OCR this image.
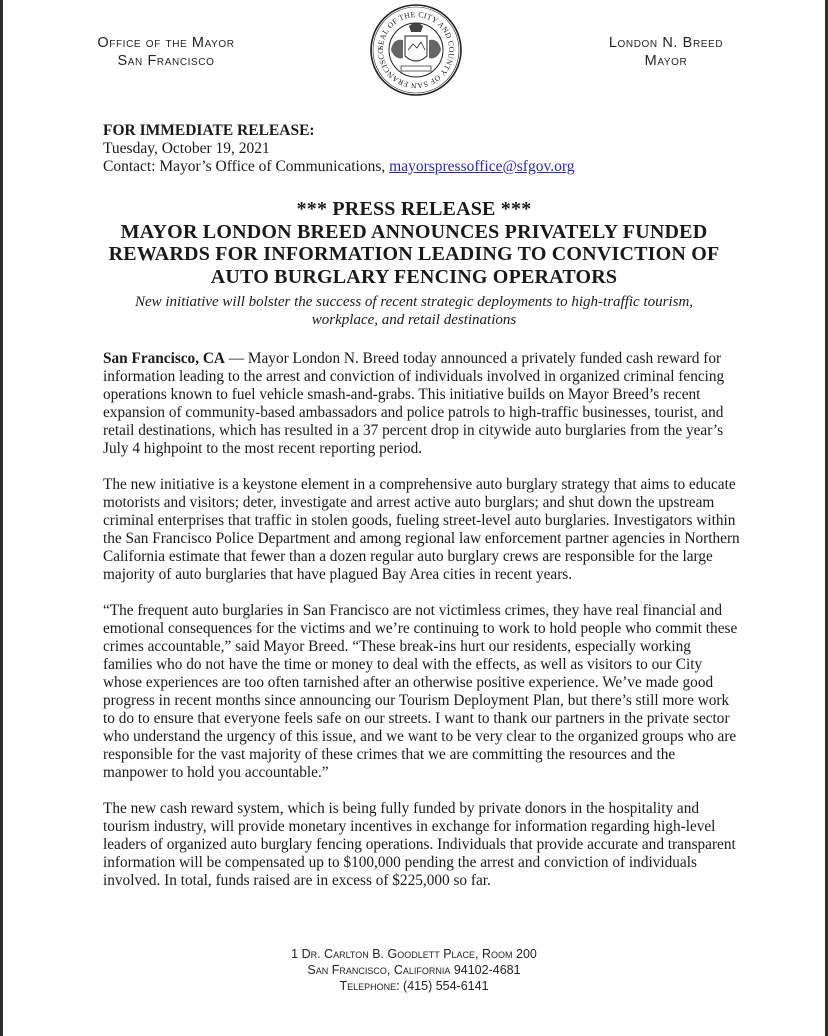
Office of the Mayor
San Francisco
SEAL OF THE CITY AND COUNTY OF SAN FRANCISCO	London N. Breed
Mayor
FOR IMMEDIATE RELEASE:
Tuesday, October 19, 2021
Contact: Mayor’s Office of Communications, mayorspressoffice@sfgov.org
*** PRESS RELEASE ***
MAYOR LONDON BREED ANNOUNCES PRIVATELY FUNDED REWARDS FOR INFORMATION LEADING TO CONVICTION OF AUTO BURGLARY FENCING OPERATORS
New initiative will bolster the success of recent strategic deployments to high-traffic tourism, workplace, and retail destinations

San Francisco, CA — Mayor London N. Breed today announced a privately funded cash reward for information leading to the arrest and conviction of individuals involved in organized criminal fencing operations known to fuel vehicle smash-and-grabs. This initiative builds on Mayor Breed’s recent expansion of community-based ambassadors and police patrols to high-traffic businesses, tourist, and retail destinations, which has resulted in a 37 percent drop in citywide auto burglaries from the year’s July 4 highpoint to the most recent reporting period.

The new initiative is a keystone element in a comprehensive auto burglary strategy that aims to educate motorists and visitors; deter, investigate and arrest active auto burglars; and shut down the upstream criminal enterprises that traffic in stolen goods, fueling street-level auto burglaries. Investigators within the San Francisco Police Department and among regional law enforcement partner agencies in Northern California estimate that fewer than a dozen regular auto burglary crews are responsible for the large majority of auto burglaries that have plagued Bay Area cities in recent years.

“The frequent auto burglaries in San Francisco are not victimless crimes, they have real financial and emotional consequences for the victims and we’re continuing to work to hold people who commit these crimes accountable,” said Mayor Breed. “These break-ins hurt our residents, especially working families who do not have the time or money to deal with the effects, as well as visitors to our City whose experiences are too often tarnished after an otherwise positive experience. We’ve made good progress in recent months since announcing our Tourism Deployment Plan, but there’s still more work to do to ensure that everyone feels safe on our streets. I want to thank our partners in the private sector who understand the urgency of this issue, and we want to be very clear to the organized groups who are responsible for the vast majority of these crimes that we are committing the resources and the manpower to hold you accountable.”

The new cash reward system, which is being fully funded by private donors in the hospitality and tourism industry, will provide monetary incentives in exchange for information regarding high-level leaders of organized auto burglary fencing operations. Individuals that provide accurate and transparent information will be compensated up to $100,000 pending the arrest and conviction of individuals involved. In total, funds raised are in excess of $225,000 so far.

1 Dr. Carlton B. Goodlett Place, Room 200
San Francisco, California 94102-4681
Telephone: (415) 554-6141
